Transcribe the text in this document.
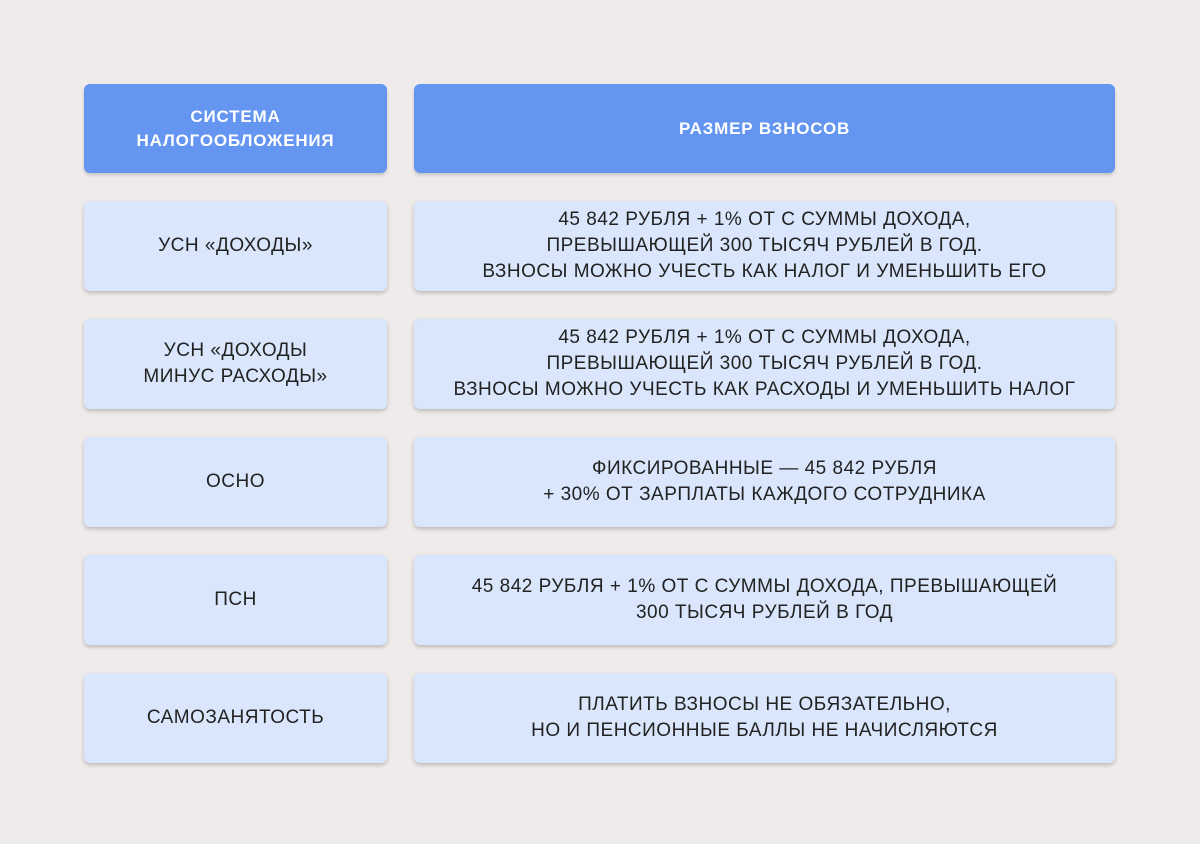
СИСТЕМА
НАЛОГООБЛОЖЕНИЯ
РАЗМЕР ВЗНОСОВ
УСН «ДОХОДЫ»
45 842 РУБЛЯ + 1% ОТ С СУММЫ ДОХОДА,
ПРЕВЫШАЮЩЕЙ 300 ТЫСЯЧ РУБЛЕЙ В ГОД.
ВЗНОСЫ МОЖНО УЧЕСТЬ КАК НАЛОГ И УМЕНЬШИТЬ ЕГО
УСН «ДОХОДЫ
МИНУС РАСХОДЫ»
45 842 РУБЛЯ + 1% ОТ С СУММЫ ДОХОДА,
ПРЕВЫШАЮЩЕЙ 300 ТЫСЯЧ РУБЛЕЙ В ГОД.
ВЗНОСЫ МОЖНО УЧЕСТЬ КАК РАСХОДЫ И УМЕНЬШИТЬ НАЛОГ
ОСНО
ФИКСИРОВАННЫЕ — 45 842 РУБЛЯ
+ 30% ОТ ЗАРПЛАТЫ КАЖДОГО СОТРУДНИКА
ПСН
45 842 РУБЛЯ + 1% ОТ С СУММЫ ДОХОДА, ПРЕВЫШАЮЩЕЙ
300 ТЫСЯЧ РУБЛЕЙ В ГОД
САМОЗАНЯТОСТЬ
ПЛАТИТЬ ВЗНОСЫ НЕ ОБЯЗАТЕЛЬНО,
НО И ПЕНСИОННЫЕ БАЛЛЫ НЕ НАЧИСЛЯЮТСЯ
